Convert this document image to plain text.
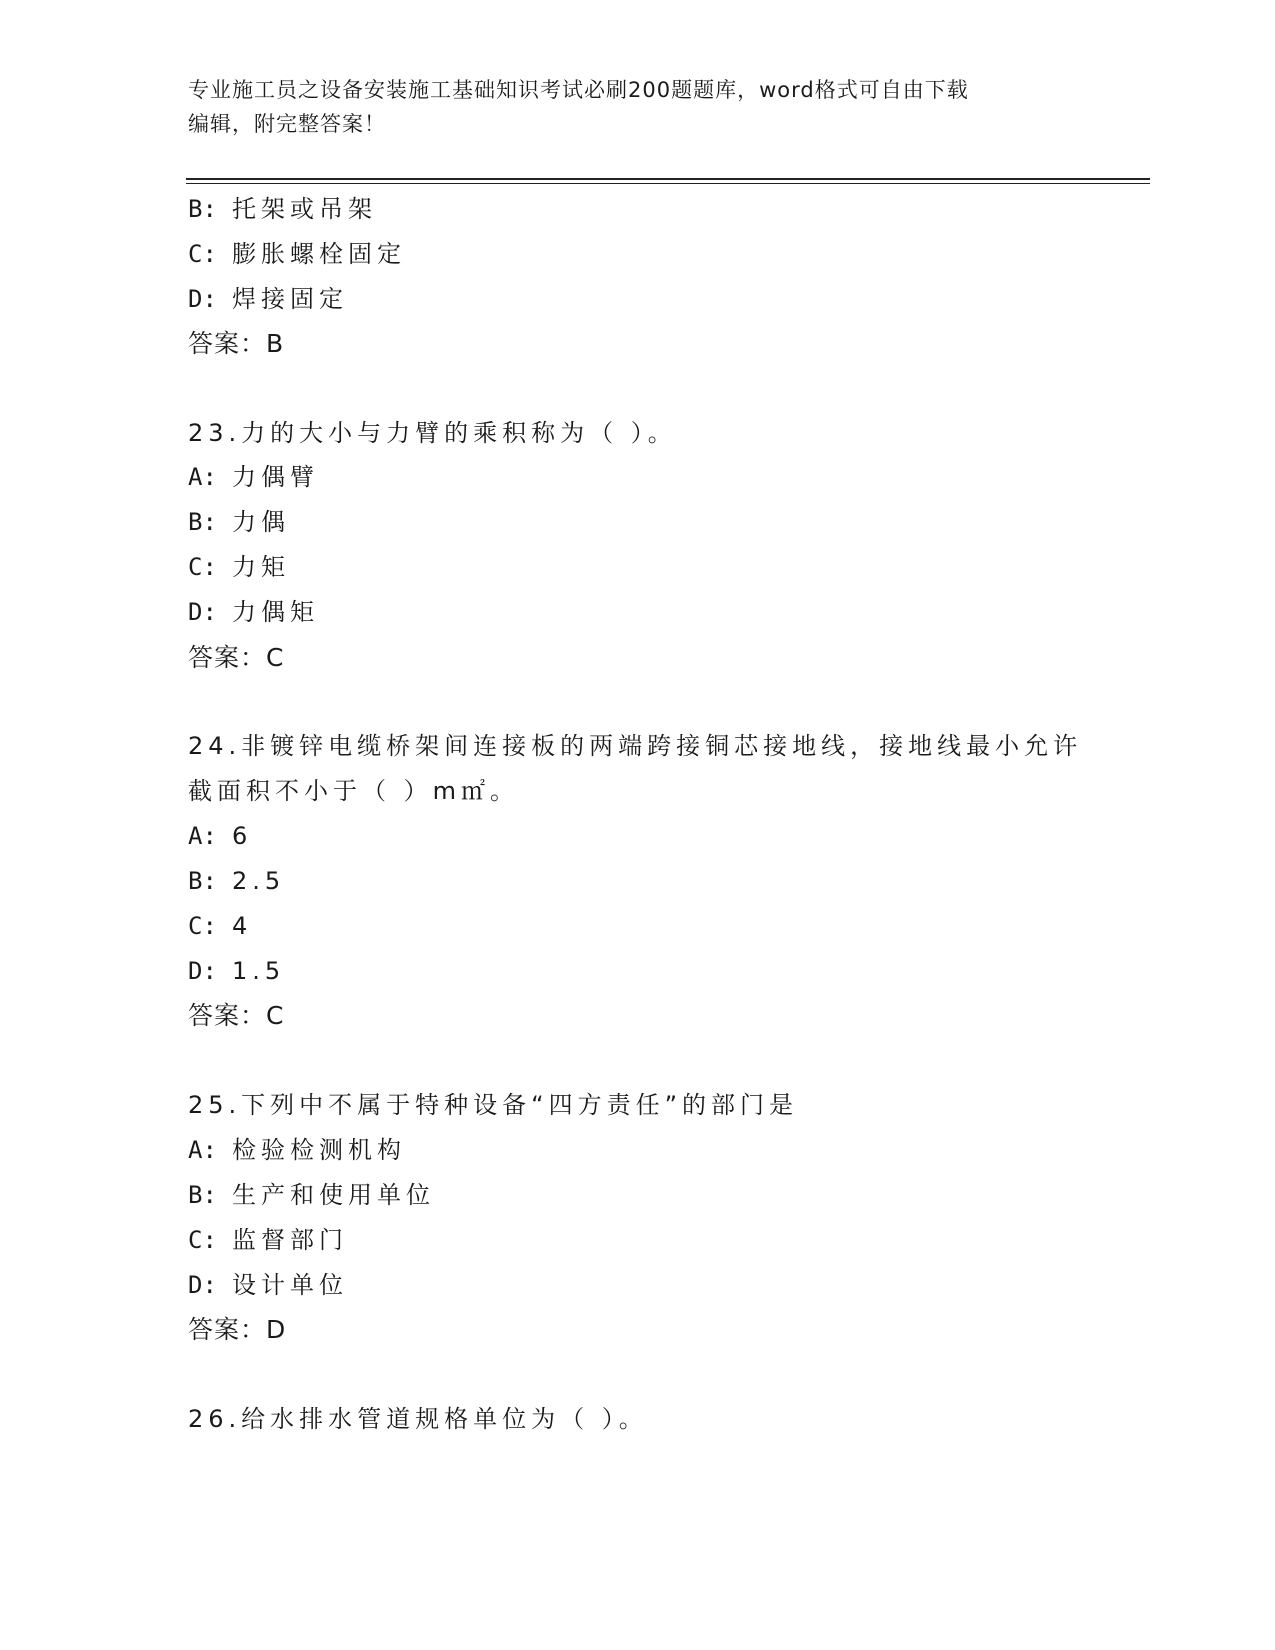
专业施工员之设备安装施工基础知识考试必刷200题题库，word格式可自由下载
编辑，附完整答案！
B: 托架或吊架
C: 膨胀螺栓固定
D: 焊接固定
答案：B
23.力的大小与力臂的乘积称为（ ）。
A: 力偶臂
B: 力偶
C: 力矩
D: 力偶矩
答案：C
24.非镀锌电缆桥架间连接板的两端跨接铜芯接地线，接地线最小允许
截面积不小于（ ）m㎡。
A: 6
B: 2.5
C: 4
D: 1.5
答案：C
25.下列中不属于特种设备“四方责任”的部门是
A: 检验检测机构
B: 生产和使用单位
C: 监督部门
D: 设计单位
答案：D
26.给水排水管道规格单位为（ ）。
